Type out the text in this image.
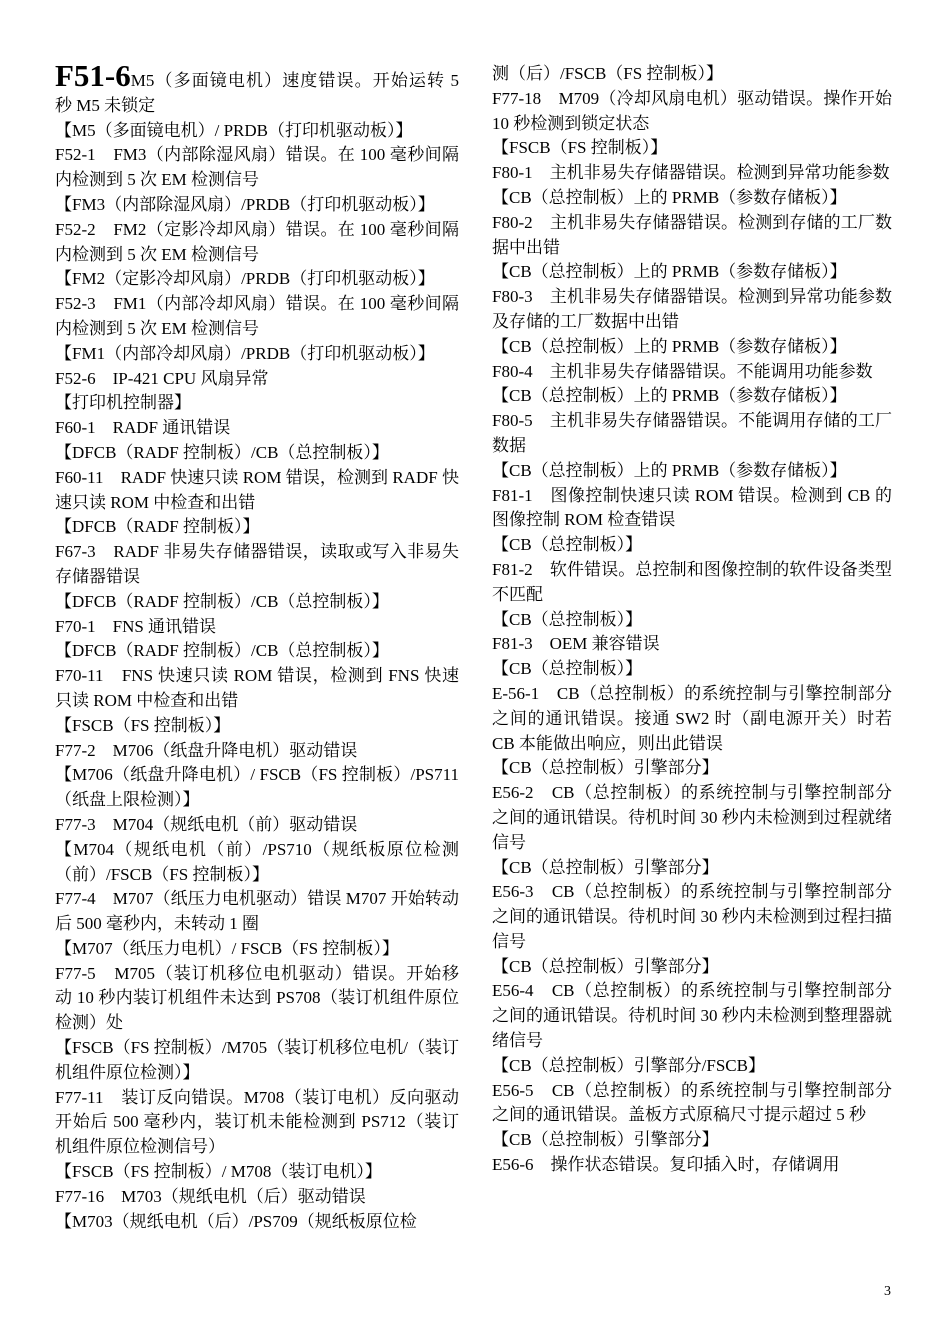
F51-6M5（多面镜电机）速度错误。开始运转 5 秒 M5 未锁定

【M5（多面镜电机）/ PRDB（打印机驱动板）】

F52-1　FM3（内部除湿风扇）错误。在 100 毫秒间隔内检测到 5 次 EM 检测信号

【FM3（内部除湿风扇）/PRDB（打印机驱动板）】

F52-2　FM2（定影冷却风扇）错误。在 100 毫秒间隔内检测到 5 次 EM 检测信号

【FM2（定影冷却风扇）/PRDB（打印机驱动板）】

F52-3　FM1（内部冷却风扇）错误。在 100 毫秒间隔内检测到 5 次 EM 检测信号

【FM1（内部冷却风扇）/PRDB（打印机驱动板）】

F52-6　IP-421 CPU 风扇异常

【打印机控制器】

F60-1　RADF 通讯错误

【DFCB（RADF 控制板）/CB（总控制板）】

F60-11　RADF 快速只读 ROM 错误，检测到 RADF 快速只读 ROM 中检查和出错

【DFCB（RADF 控制板）】

F67-3　RADF 非易失存储器错误，读取或写入非易失存储器错误

【DFCB（RADF 控制板）/CB（总控制板）】

F70-1　FNS 通讯错误

【DFCB（RADF 控制板）/CB（总控制板）】

F70-11　FNS 快速只读 ROM 错误，检测到 FNS 快速只读 ROM 中检查和出错

【FSCB（FS 控制板）】

F77-2　M706（纸盘升降电机）驱动错误

【M706（纸盘升降电机）/ FSCB（FS 控制板）/PS711（纸盘上限检测）】

F77-3　M704（规纸电机（前）驱动错误

【M704（规纸电机（前）/PS710（规纸板原位检测（前）/FSCB（FS 控制板）】

F77-4　M707（纸压力电机驱动）错误 M707 开始转动后 500 毫秒内，未转动 1 圈

【M707（纸压力电机）/ FSCB（FS 控制板）】

F77-5　M705（装订机移位电机驱动）错误。开始移动 10 秒内装订机组件未达到 PS708（装订机组件原位检测）处

【FSCB（FS 控制板）/M705（装订机移位电机/（装订机组件原位检测）】

F77-11　装订反向错误。M708（装订电机）反向驱动开始后 500 毫秒内，装订机未能检测到 PS712（装订机组件原位检测信号）

【FSCB（FS 控制板）/ M708（装订电机）】

F77-16　M703（规纸电机（后）驱动错误

【M703（规纸电机（后）/PS709（规纸板原位检

测（后）/FSCB（FS 控制板）】

F77-18　M709（冷却风扇电机）驱动错误。操作开始 10 秒检测到锁定状态

【FSCB（FS 控制板）】

F80-1　主机非易失存储器错误。检测到异常功能参数

【CB（总控制板）上的 PRMB（参数存储板）】

F80-2　主机非易失存储器错误。检测到存储的工厂数据中出错

【CB（总控制板）上的 PRMB（参数存储板）】

F80-3　主机非易失存储器错误。检测到异常功能参数及存储的工厂数据中出错

【CB（总控制板）上的 PRMB（参数存储板）】

F80-4　主机非易失存储器错误。不能调用功能参数

【CB（总控制板）上的 PRMB（参数存储板）】

F80-5　主机非易失存储器错误。不能调用存储的工厂数据

【CB（总控制板）上的 PRMB（参数存储板）】

F81-1　图像控制快速只读 ROM 错误。检测到 CB 的图像控制 ROM 检查错误

【CB（总控制板）】

F81-2　软件错误。总控制和图像控制的软件设备类型不匹配

【CB（总控制板）】

F81-3　OEM 兼容错误

【CB（总控制板）】

E-56-1　CB（总控制板）的系统控制与引擎控制部分之间的通讯错误。接通 SW2 时（副电源开关）时若 CB 本能做出响应，则出此错误

【CB（总控制板）引擎部分】

E56-2　CB（总控制板）的系统控制与引擎控制部分之间的通讯错误。待机时间 30 秒内未检测到过程就绪信号

【CB（总控制板）引擎部分】

E56-3　CB（总控制板）的系统控制与引擎控制部分之间的通讯错误。待机时间 30 秒内未检测到过程扫描信号

【CB（总控制板）引擎部分】

E56-4　CB（总控制板）的系统控制与引擎控制部分之间的通讯错误。待机时间 30 秒内未检测到整理器就绪信号

【CB（总控制板）引擎部分/FSCB】

E56-5　CB（总控制板）的系统控制与引擎控制部分之间的通讯错误。盖板方式原稿尺寸提示超过 5 秒

【CB（总控制板）引擎部分】

E56-6　操作状态错误。复印插入时，存储调用

3
